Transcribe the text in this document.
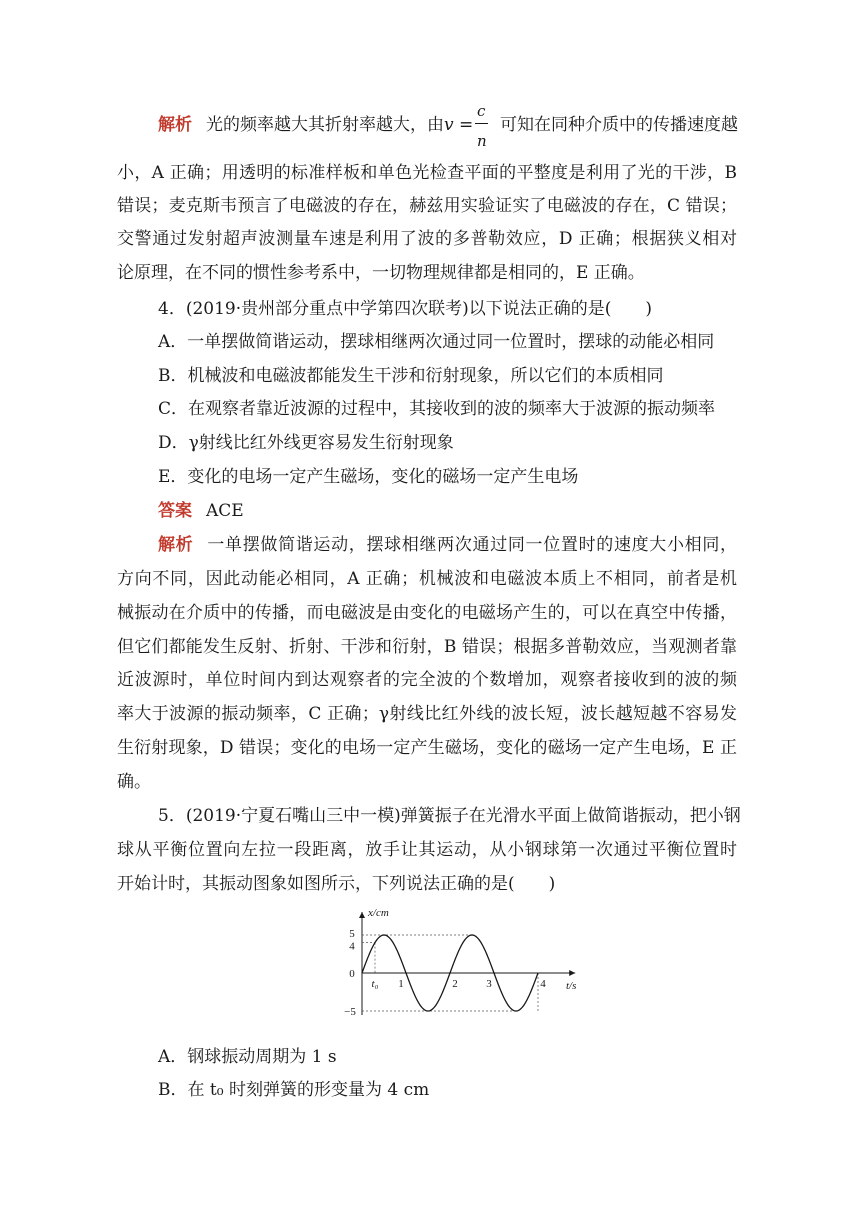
解析 光的频率越大其折射率越大，由 v =
c
n
可知在同种介质中的传播速度越
小，A 正确；用透明的标准样板和单色光检查平面的平整度是利用了光的干涉，B
错误；麦克斯韦预言了电磁波的存在，赫兹用实验证实了电磁波的存在，C 错误；
交警通过发射超声波测量车速是利用了波的多普勒效应，D 正确；根据狭义相对
论原理，在不同的惯性参考系中，一切物理规律都是相同的，E 正确。
4．(2019·贵州部分重点中学第四次联考)以下说法正确的是(　　)
A．一单摆做简谐运动，摆球相继两次通过同一位置时，摆球的动能必相同
B．机械波和电磁波都能发生干涉和衍射现象，所以它们的本质相同
C．在观察者靠近波源的过程中，其接收到的波的频率大于波源的振动频率
D．γ射线比红外线更容易发生衍射现象
E．变化的电场一定产生磁场，变化的磁场一定产生电场
答案 ACE
解析 一单摆做简谐运动，摆球相继两次通过同一位置时的速度大小相同，
方向不同，因此动能必相同，A 正确；机械波和电磁波本质上不相同，前者是机
械振动在介质中的传播，而电磁波是由变化的电磁场产生的，可以在真空中传播，
但它们都能发生反射、折射、干涉和衍射，B 错误；根据多普勒效应，当观测者靠
近波源时，单位时间内到达观察者的完全波的个数增加，观察者接收到的波的频
率大于波源的振动频率，C 正确；γ射线比红外线的波长短，波长越短越不容易发
生衍射现象，D 错误；变化的电场一定产生磁场，变化的磁场一定产生电场，E 正
确。
5．(2019·宁夏石嘴山三中一模)弹簧振子在光滑水平面上做简谐振动，把小钢
球从平衡位置向左拉一段距离，放手让其运动，从小钢球第一次通过平衡位置时
开始计时，其振动图象如图所示，下列说法正确的是(　　)
x/cm
t/s
5
4
0
−5
t₀ 1	2	3	4
A．钢球振动周期为 1 s
B．在 t₀ 时刻弹簧的形变量为 4 cm
